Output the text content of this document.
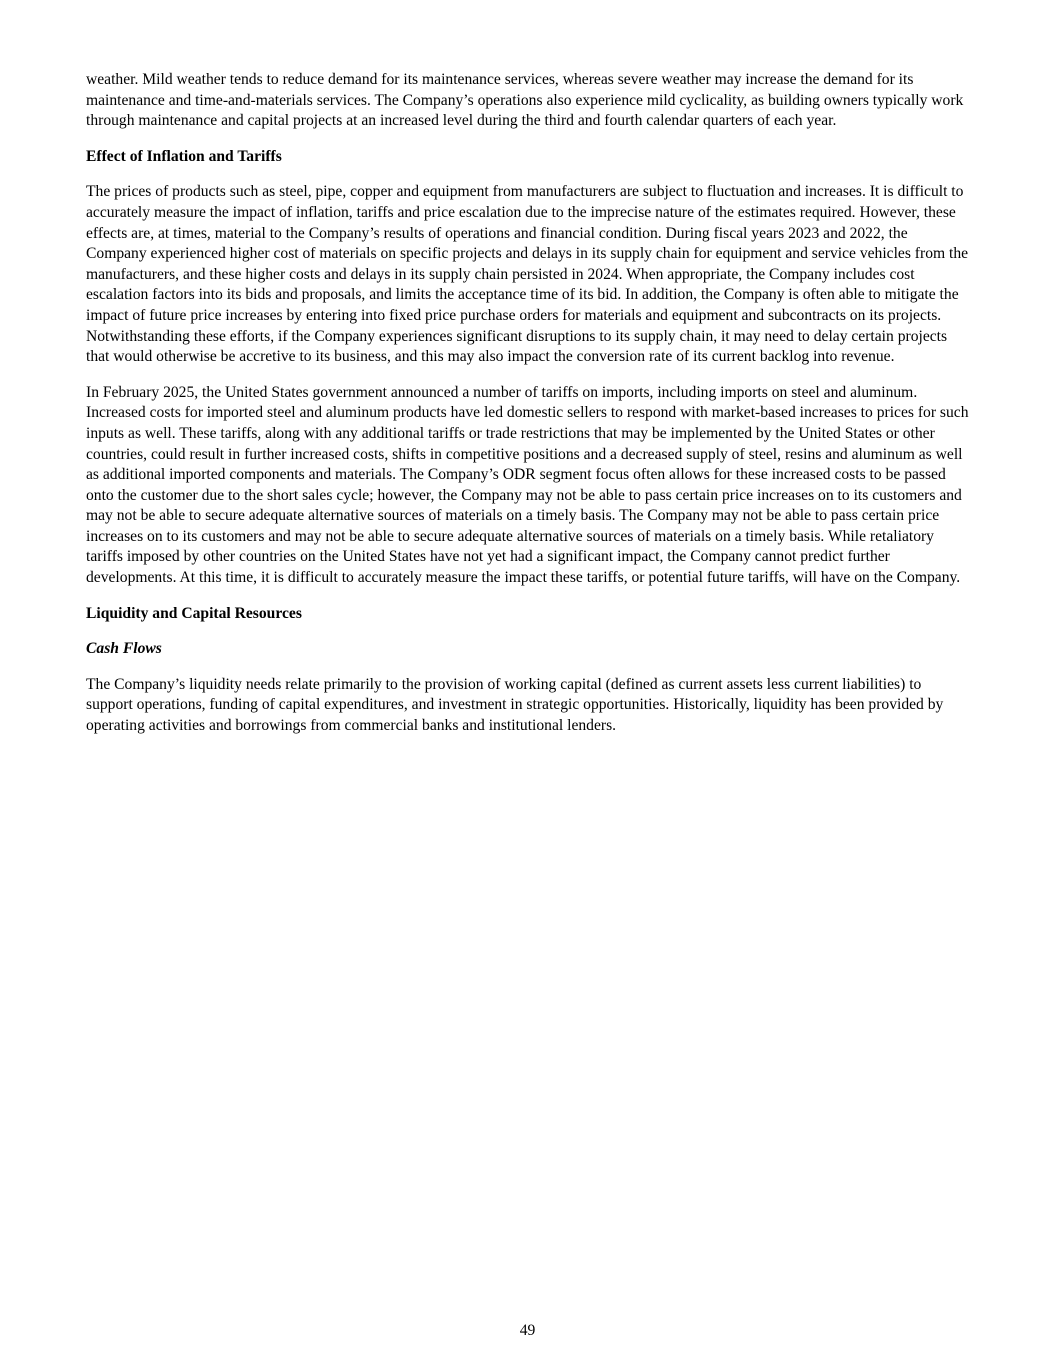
weather. Mild weather tends to reduce demand for its maintenance services, whereas severe weather may increase the demand for its maintenance and time-and-materials services. The Company’s operations also experience mild cyclicality, as building owners typically work through maintenance and capital projects at an increased level during the third and fourth calendar quarters of each year.

Effect of Inflation and Tariffs

The prices of products such as steel, pipe, copper and equipment from manufacturers are subject to fluctuation and increases. It is difficult to accurately measure the impact of inflation, tariffs and price escalation due to the imprecise nature of the estimates required. However, these effects are, at times, material to the Company’s results of operations and financial condition. During fiscal years 2023 and 2022, the Company experienced higher cost of materials on specific projects and delays in its supply chain for equipment and service vehicles from the manufacturers, and these higher costs and delays in its supply chain persisted in 2024. When appropriate, the Company includes cost escalation factors into its bids and proposals, and limits the acceptance time of its bid. In addition, the Company is often able to mitigate the impact of future price increases by entering into fixed price purchase orders for materials and equipment and subcontracts on its projects. Notwithstanding these efforts, if the Company experiences significant disruptions to its supply chain, it may need to delay certain projects that would otherwise be accretive to its business, and this may also impact the conversion rate of its current backlog into revenue.

In February 2025, the United States government announced a number of tariffs on imports, including imports on steel and aluminum. Increased costs for imported steel and aluminum products have led domestic sellers to respond with market-based increases to prices for such inputs as well. These tariffs, along with any additional tariffs or trade restrictions that may be implemented by the United States or other countries, could result in further increased costs, shifts in competitive positions and a decreased supply of steel, resins and aluminum as well as additional imported components and materials. The Company’s ODR segment focus often allows for these increased costs to be passed onto the customer due to the short sales cycle; however, the Company may not be able to pass certain price increases on to its customers and may not be able to secure adequate alternative sources of materials on a timely basis. The Company may not be able to pass certain price increases on to its customers and may not be able to secure adequate alternative sources of materials on a timely basis. While retaliatory tariffs imposed by other countries on the United States have not yet had a significant impact, the Company cannot predict further developments. At this time, it is difficult to accurately measure the impact these tariffs, or potential future tariffs, will have on the Company.

Liquidity and Capital Resources

Cash Flows

The Company’s liquidity needs relate primarily to the provision of working capital (defined as current assets less current liabilities) to support operations, funding of capital expenditures, and investment in strategic opportunities. Historically, liquidity has been provided by operating activities and borrowings from commercial banks and institutional lenders.

49
